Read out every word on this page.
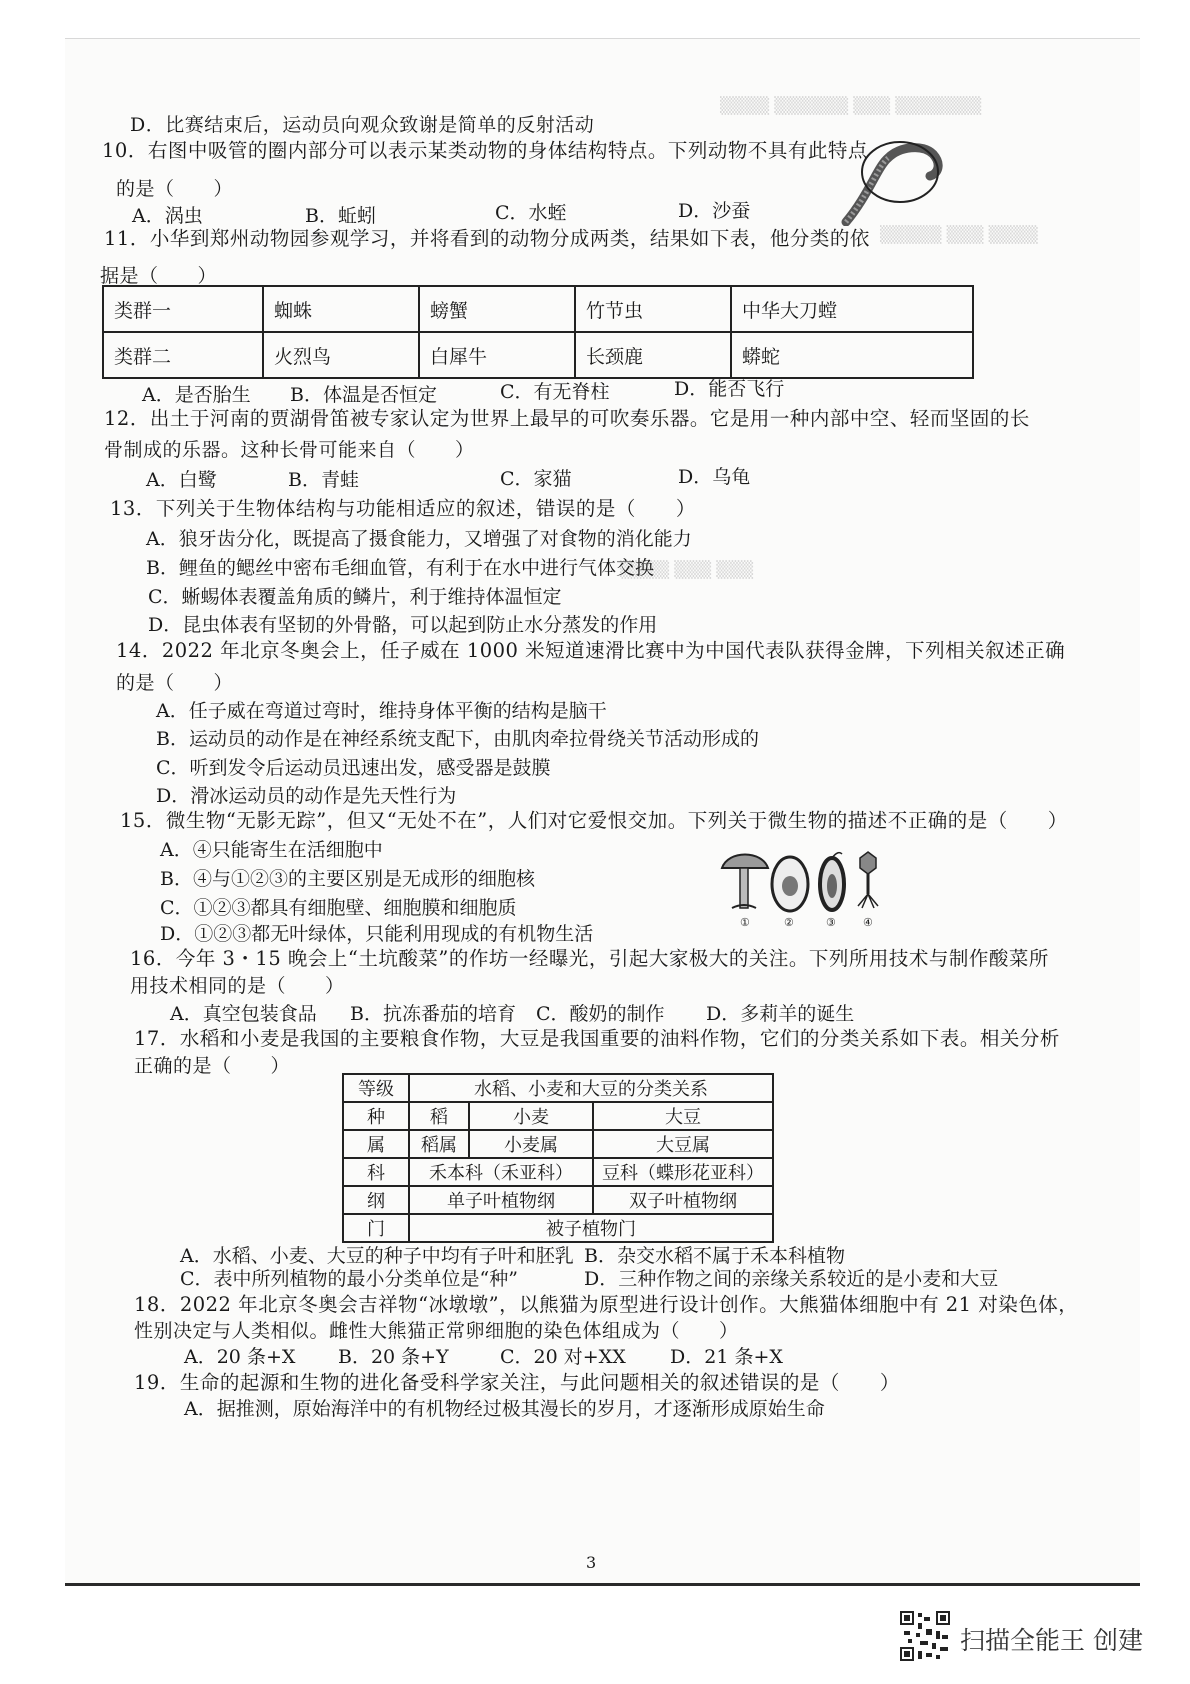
▒▒▒▒ ▒▒▒▒▒▒ ▒▒▒ ▒▒▒▒▒▒▒
▒▒▒▒▒ ▒▒▒ ▒▒▒▒
▒▒▒▒ ▒▒▒ ▒▒▒
D．比赛结束后，运动员向观众致谢是简单的反射活动
10．右图中吸管的圈内部分可以表示某类动物的身体结构特点。下列动物不具有此特点
的是（　　）
A．涡虫	B．蚯蚓	C．水蛭	D．沙蚕
11．小华到郑州动物园参观学习，并将看到的动物分成两类，结果如下表，他分类的依
据是（　　）
类群一	蜘蛛	螃蟹	竹节虫	中华大刀螳
类群二	火烈鸟	白犀牛	长颈鹿	蟒蛇
A．是否胎生 B．体温是否恒定	C．有无脊柱	D．能否飞行
12．出土于河南的贾湖骨笛被专家认定为世界上最早的可吹奏乐器。它是用一种内部中空、轻而坚固的长
骨制成的乐器。这种长骨可能来自（　　）
A．白鹭	B．青蛙	C．家猫	D．乌龟
13．下列关于生物体结构与功能相适应的叙述，错误的是（　　）
A．狼牙齿分化，既提高了摄食能力，又增强了对食物的消化能力
B．鲤鱼的鳃丝中密布毛细血管，有利于在水中进行气体交换
C．蜥蜴体表覆盖角质的鳞片，利于维持体温恒定
D．昆虫体表有坚韧的外骨骼，可以起到防止水分蒸发的作用
14．2022 年北京冬奥会上，任子威在 1000 米短道速滑比赛中为中国代表队获得金牌，下列相关叙述正确
的是（　　）
A．任子威在弯道过弯时，维持身体平衡的结构是脑干
B．运动员的动作是在神经系统支配下，由肌肉牵拉骨绕关节活动形成的
C．听到发令后运动员迅速出发，感受器是鼓膜
D．滑冰运动员的动作是先天性行为
15．微生物“无影无踪”，但又“无处不在”，人们对它爱恨交加。下列关于微生物的描述不正确的是（　　）
A．④只能寄生在活细胞中
B．④与①②③的主要区别是无成形的细胞核
C．①②③都具有细胞壁、细胞膜和细胞质
D．①②③都无叶绿体，只能利用现成的有机物生活
①	②	③ ④
16．今年 3・15 晚会上“土坑酸菜”的作坊一经曝光，引起大家极大的关注。下列所用技术与制作酸菜所
用技术相同的是（　　）
A．真空包装食品 B．抗冻番茄的培育 C．酸奶的制作 D．多莉羊的诞生
17．水稻和小麦是我国的主要粮食作物，大豆是我国重要的油料作物，它们的分类关系如下表。相关分析
正确的是（　　）
等级	水稻、小麦和大豆的分类关系		
种	稻	小麦	大豆
属	稻属	小麦属	大豆属
科	禾本科（禾亚科）		豆科（蝶形花亚科）
纲	单子叶植物纲		双子叶植物纲
门	被子植物门		
A．水稻、小麦、大豆的种子中均有子叶和胚乳 B．杂交水稻不属于禾本科植物
C．表中所列植物的最小分类单位是“种”	D．三种作物之间的亲缘关系较近的是小麦和大豆
18．2022 年北京冬奥会吉祥物“冰墩墩”，以熊猫为原型进行设计创作。大熊猫体细胞中有 21 对染色体，
性别决定与人类相似。雌性大熊猫正常卵细胞的染色体组成为（　　）
A．20 条+X B．20 条+Y	C．20 对+XX D．21 条+X
19．生命的起源和生物的进化备受科学家关注，与此问题相关的叙述错误的是（　　）
A．据推测，原始海洋中的有机物经过极其漫长的岁月，才逐渐形成原始生命
3
扫描全能王 创建
